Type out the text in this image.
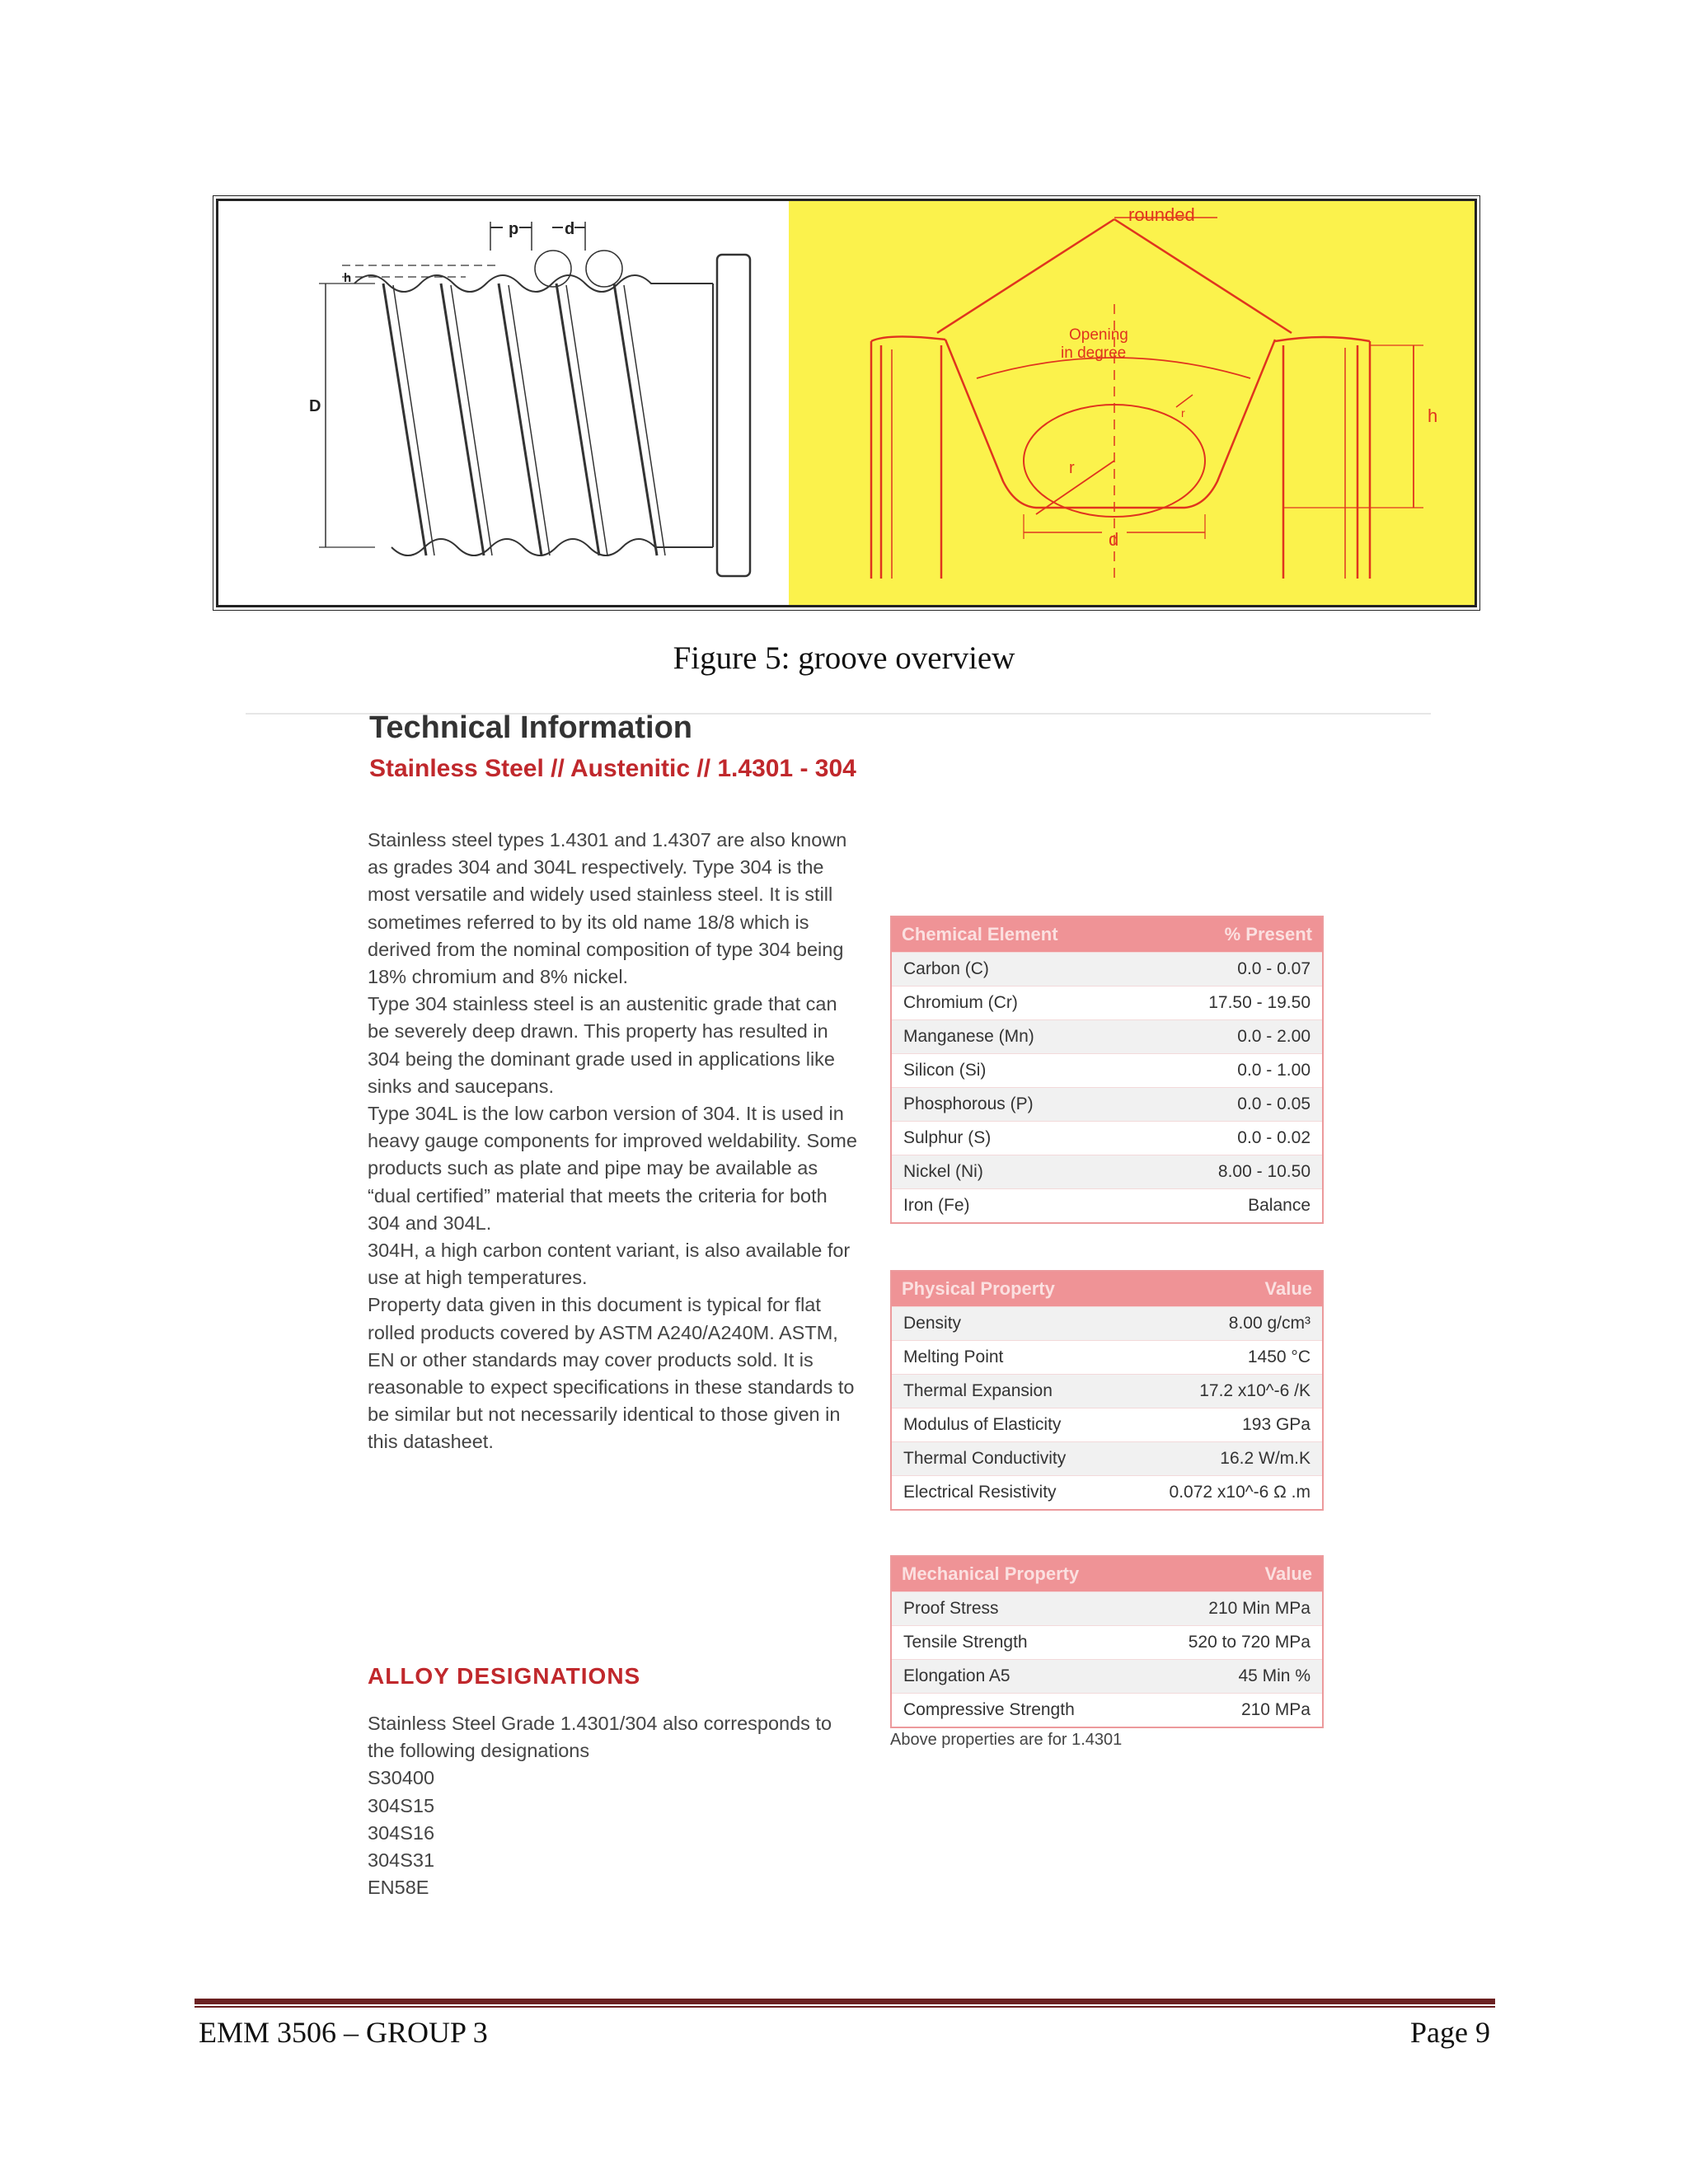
p	d
h
D
rounded
Opening
in degree
h
r
d
r
Figure 5: groove overview
Technical Information
Stainless Steel // Austenitic // 1.4301 - 304

Stainless steel types 1.4301 and 1.4307 are also known as grades 304 and 304L respectively. Type 304 is the most versatile and widely used stainless steel. It is still sometimes referred to by its old name 18/8 which is derived from the nominal composition of type 304 being 18% chromium and 8% nickel.

Type 304 stainless steel is an austenitic grade that can be severely deep drawn. This property has resulted in 304 being the dominant grade used in applications like sinks and saucepans.

Type 304L is the low carbon version of 304. It is used in heavy gauge components for improved weldability. Some products such as plate and pipe may be available as “dual certified” material that meets the criteria for both 304 and 304L.

304H, a high carbon content variant, is also available for use at high temperatures.

Property data given in this document is typical for flat rolled products covered by ASTM A240/A240M. ASTM, EN or other standards may cover products sold. It is reasonable to expect specifications in these standards to be similar but not necessarily identical to those given in this datasheet.

ALLOY DESIGNATIONS

Stainless Steel Grade 1.4301/304 also corresponds to the following designations

S30400

304S15

304S16

304S31

EN58E

Chemical Element	% Present
Carbon (C)	0.0 - 0.07
Chromium (Cr)	17.50 - 19.50
Manganese (Mn)	0.0 - 2.00
Silicon (Si)	0.0 - 1.00
Phosphorous (P)	0.0 - 0.05
Sulphur (S)	0.0 - 0.02
Nickel (Ni)	8.00 - 10.50
Iron (Fe)	Balance
Physical Property	Value
Density	8.00 g/cm³
Melting Point	1450 °C
Thermal Expansion	17.2 x10^-6 /K
Modulus of Elasticity	193 GPa
Thermal Conductivity	16.2 W/m.K
Electrical Resistivity	0.072 x10^-6 Ω .m
Mechanical Property	Value
Proof Stress	210 Min MPa
Tensile Strength	520 to 720 MPa
Elongation A5	45 Min %
Compressive Strength	210 MPa
Above properties are for 1.4301
EMM 3506 – GROUP 3	Page 9
